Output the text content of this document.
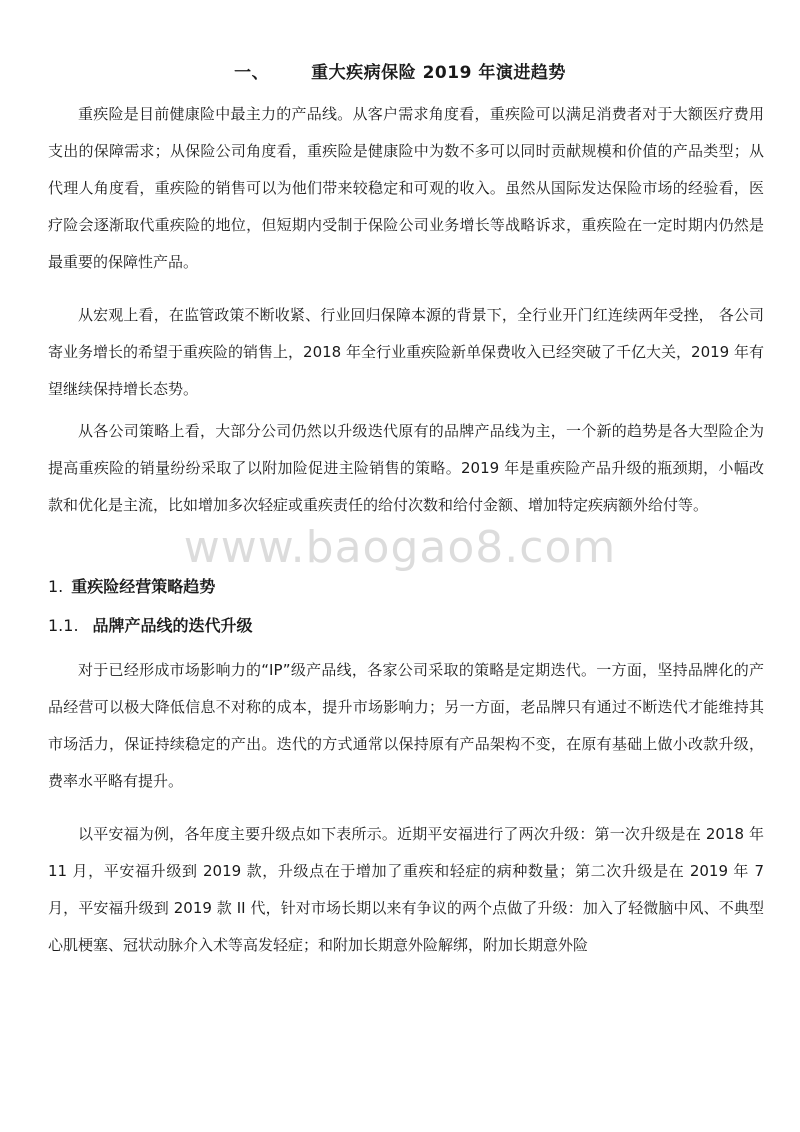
一、 重大疾病保险 2019 年演进趋势

重疾险是目前健康险中最主力的产品线。从客户需求角度看，重疾险可以满足消费者对于大额医疗费用支出的保障需求；从保险公司角度看，重疾险是健康险中为数不多可以同时贡献规模和价值的产品类型；从代理人角度看，重疾险的销售可以为他们带来较稳定和可观的收入。虽然从国际发达保险市场的经验看，医疗险会逐渐取代重疾险的地位，但短期内受制于保险公司业务增长等战略诉求，重疾险在一定时期内仍然是最重要的保障性产品。

从宏观上看，在监管政策不断收紧、行业回归保障本源的背景下，全行业开门红连续两年受挫， 各公司寄业务增长的希望于重疾险的销售上，2018 年全行业重疾险新单保费收入已经突破了千亿大关，2019 年有望继续保持增长态势。

从各公司策略上看，大部分公司仍然以升级迭代原有的品牌产品线为主，一个新的趋势是各大型险企为提高重疾险的销量纷纷采取了以附加险促进主险销售的策略。2019 年是重疾险产品升级的瓶颈期，小幅改款和优化是主流，比如增加多次轻症或重疾责任的给付次数和给付金额、增加特定疾病额外给付等。

www.baogao8.com
1. 重疾险经营策略趋势
1.1. 品牌产品线的迭代升级

对于已经形成市场影响力的“IP”级产品线，各家公司采取的策略是定期迭代。一方面，坚持品牌化的产品经营可以极大降低信息不对称的成本，提升市场影响力；另一方面，老品牌只有通过不断迭代才能维持其市场活力，保证持续稳定的产出。迭代的方式通常以保持原有产品架构不变，在原有基础上做小改款升级，费率水平略有提升。

以平安福为例，各年度主要升级点如下表所示。近期平安福进行了两次升级：第一次升级是在 2018 年 11 月，平安福升级到 2019 款，升级点在于增加了重疾和轻症的病种数量；第二次升级是在 2019 年 7 月，平安福升级到 2019 款 II 代，针对市场长期以来有争议的两个点做了升级：加入了轻微脑中风、不典型心肌梗塞、冠状动脉介入术等高发轻症；和附加长期意外险解绑，附加长期意外险
